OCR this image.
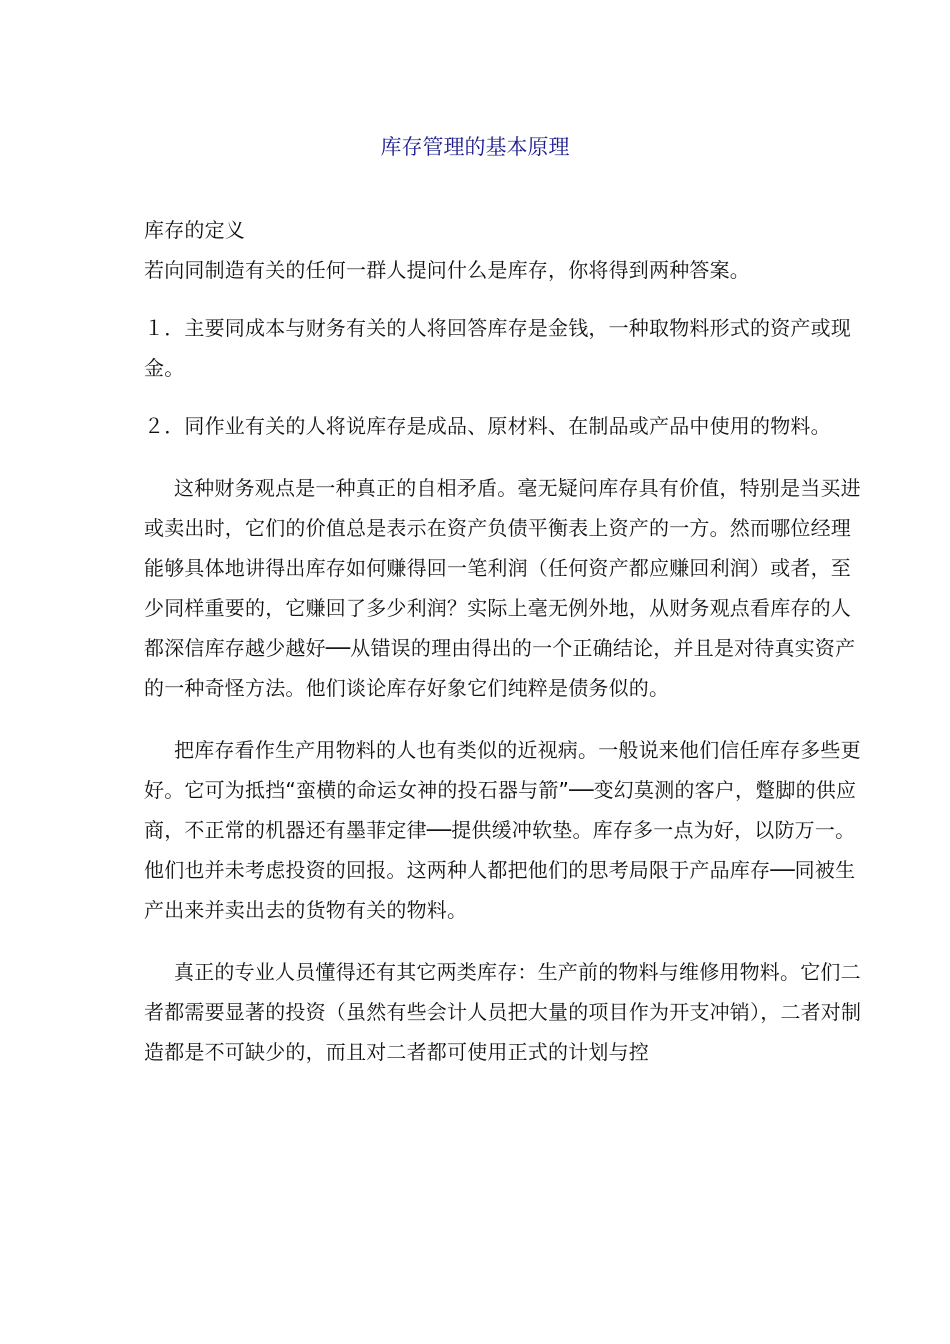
库存管理的基本原理

库存的定义

若向同制造有关的任何一群人提问什么是库存，你将得到两种答案。

１．主要同成本与财务有关的人将回答库存是金钱，一种取物料形式的资产或现金。

２．同作业有关的人将说库存是成品、原材料、在制品或产品中使用的物料。

这种财务观点是一种真正的自相矛盾。毫无疑问库存具有价值，特别是当买进或卖出时，它们的价值总是表示在资产负债平衡表上资产的一方。然而哪位经理能够具体地讲得出库存如何赚得回一笔利润（任何资产都应赚回利润）或者，至少同样重要的，它赚回了多少利润？实际上毫无例外地，从财务观点看库存的人都深信库存越少越好──从错误的理由得出的一个正确结论，并且是对待真实资产的一种奇怪方法。他们谈论库存好象它们纯粹是债务似的。

把库存看作生产用物料的人也有类似的近视病。一般说来他们信任库存多些更好。它可为抵挡“蛮横的命运女神的投石器与箭”──变幻莫测的客户，蹩脚的供应商，不正常的机器还有墨菲定律──提供缓冲软垫。库存多一点为好，以防万一。他们也并未考虑投资的回报。这两种人都把他们的思考局限于产品库存──同被生产出来并卖出去的货物有关的物料。

真正的专业人员懂得还有其它两类库存：生产前的物料与维修用物料。它们二者都需要显著的投资（虽然有些会计人员把大量的项目作为开支冲销），二者对制造都是不可缺少的，而且对二者都可使用正式的计划与控
